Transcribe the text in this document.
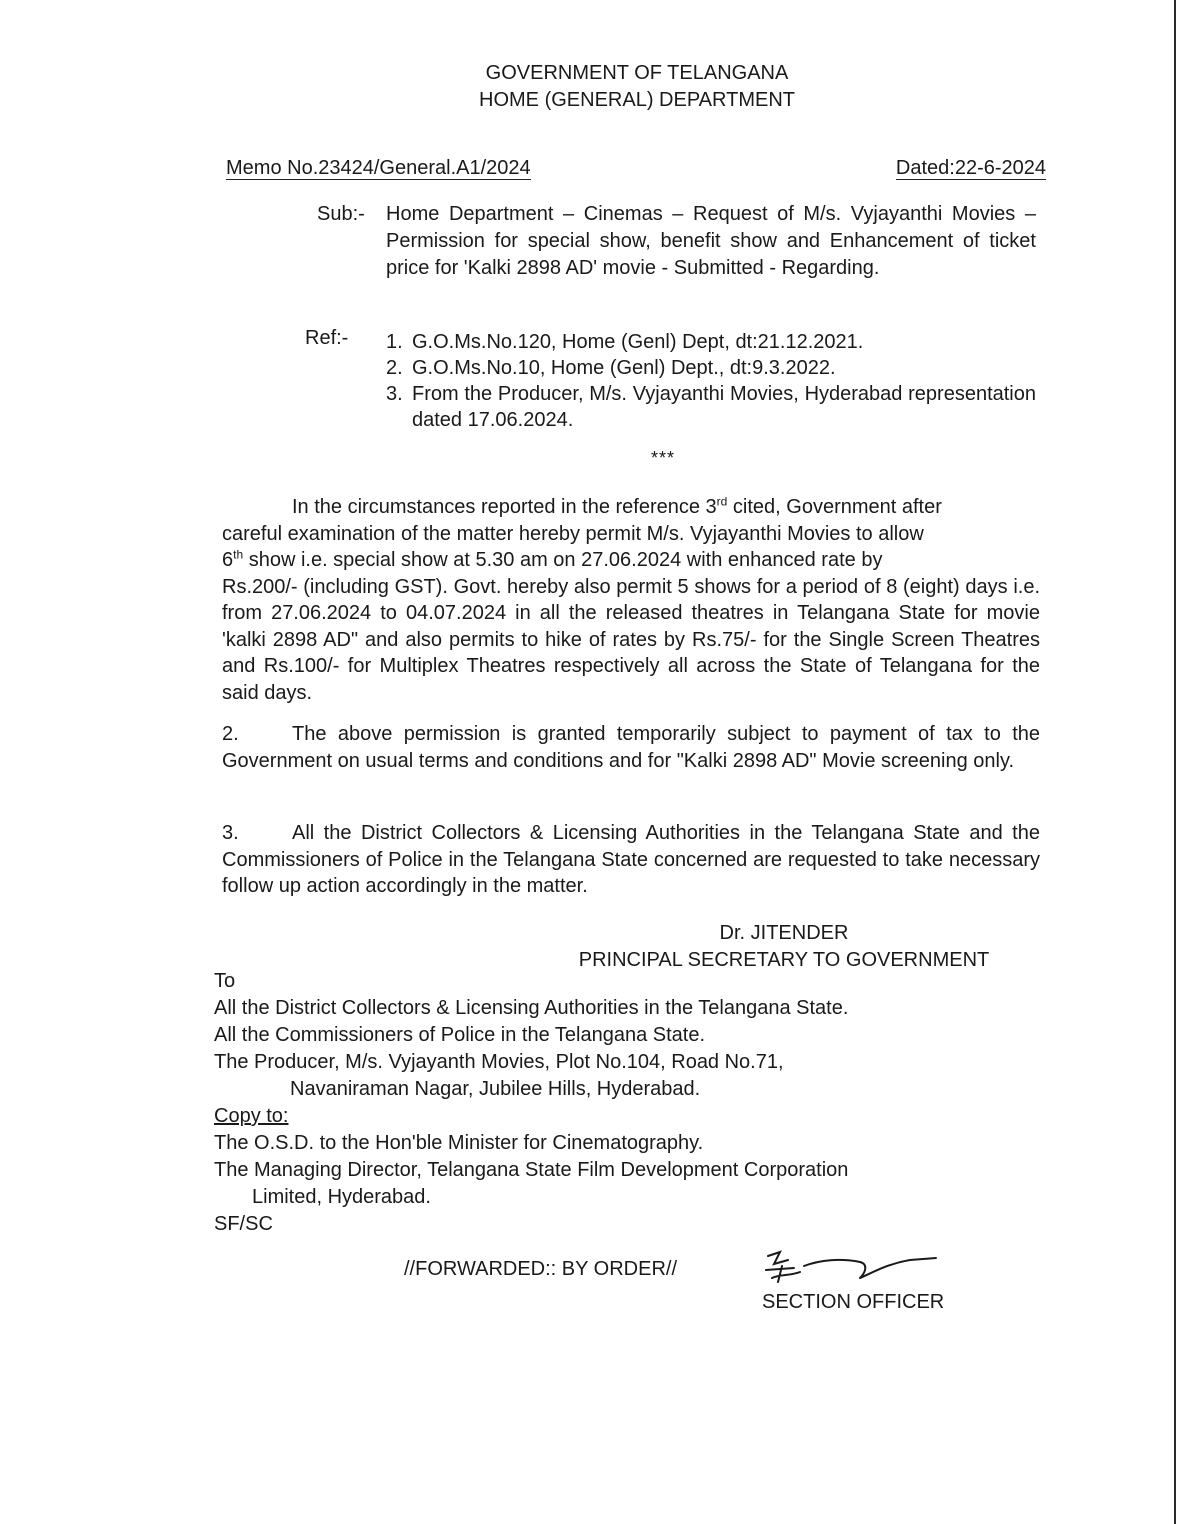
GOVERNMENT OF TELANGANA
HOME (GENERAL) DEPARTMENT
Memo No.23424/General.A1/2024	Dated:22-6-2024
Sub:- Home Department – Cinemas – Request of M/s. Vyjayanthi Movies – Permission for special show, benefit show and Enhancement of ticket price for 'Kalki 2898 AD' movie - Submitted - Regarding.
Ref:- 1. G.O.Ms.No.120, Home (Genl) Dept, dt:21.12.2021.
2. G.O.Ms.No.10, Home (Genl) Dept., dt:9.3.2022.
3. From the Producer, M/s. Vyjayanthi Movies, Hyderabad representation dated 17.06.2024.
***
In the circumstances reported in the reference 3rd cited, Government after
careful examination of the matter hereby permit M/s. Vyjayanthi Movies to allow
6th show i.e. special show at 5.30 am on 27.06.2024 with enhanced rate by
Rs.200/- (including GST). Govt. hereby also permit 5 shows for a period of 8 (eight) days i.e. from 27.06.2024 to 04.07.2024 in all the released theatres in Telangana State for movie 'kalki 2898 AD" and also permits to hike of rates by Rs.75/- for the Single Screen Theatres and Rs.100/- for Multiplex Theatres respectively all across the State of Telangana for the said days.
2.	The above permission is granted temporarily subject to payment of tax to the Government on usual terms and conditions and for "Kalki 2898 AD" Movie screening only.
3.	All the District Collectors & Licensing Authorities in the Telangana State and the Commissioners of Police in the Telangana State concerned are requested to take necessary follow up action accordingly in the matter.
Dr. JITENDER
PRINCIPAL SECRETARY TO GOVERNMENT
To
All the District Collectors & Licensing Authorities in the Telangana State.
All the Commissioners of Police in the Telangana State.
The Producer, M/s. Vyjayanth Movies, Plot No.104, Road No.71,
Navaniraman Nagar, Jubilee Hills, Hyderabad.
Copy to:
The O.S.D. to the Hon'ble Minister for Cinematography.
The Managing Director, Telangana State Film Development Corporation
Limited, Hyderabad.
SF/SC
//FORWARDED:: BY ORDER//
SECTION OFFICER
